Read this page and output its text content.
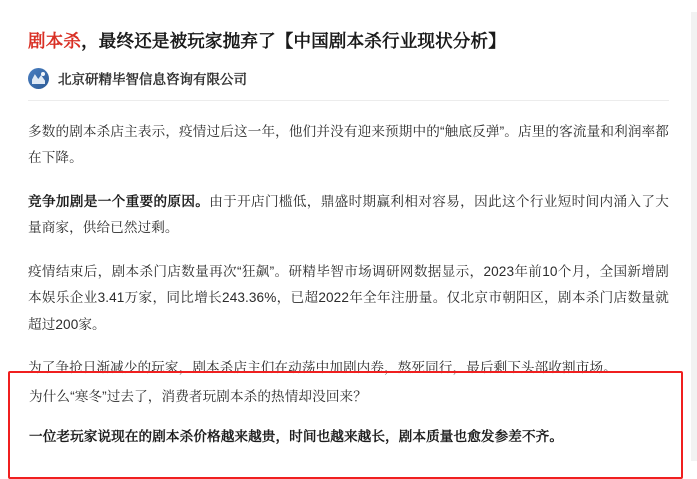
剧本杀，最终还是被玩家抛弃了【中国剧本杀行业现状分析】
北京研精毕智信息咨询有限公司

多数的剧本杀店主表示，疫情过后这一年，他们并没有迎来预期中的“触底反弹”。店里的客流量和利润率都在下降。

竞争加剧是一个重要的原因。由于开店门槛低，鼎盛时期赢利相对容易，因此这个行业短时间内涌入了大量商家，供给已然过剩。

疫情结束后，剧本杀门店数量再次“狂飙”。研精毕智市场调研网数据显示，2023年前10个月，全国新增剧本娱乐企业3.41万家，同比增长243.36%，已超2022年全年注册量。仅北京市朝阳区，剧本杀门店数量就超过200家。

为了争抢日渐减少的玩家，剧本杀店主们在动荡中加剧内卷，熬死同行，最后剩下头部收割市场。

为什么“寒冬”过去了，消费者玩剧本杀的热情却没回来？

一位老玩家说现在的剧本杀价格越来越贵，时间也越来越长，剧本质量也愈发参差不齐。
